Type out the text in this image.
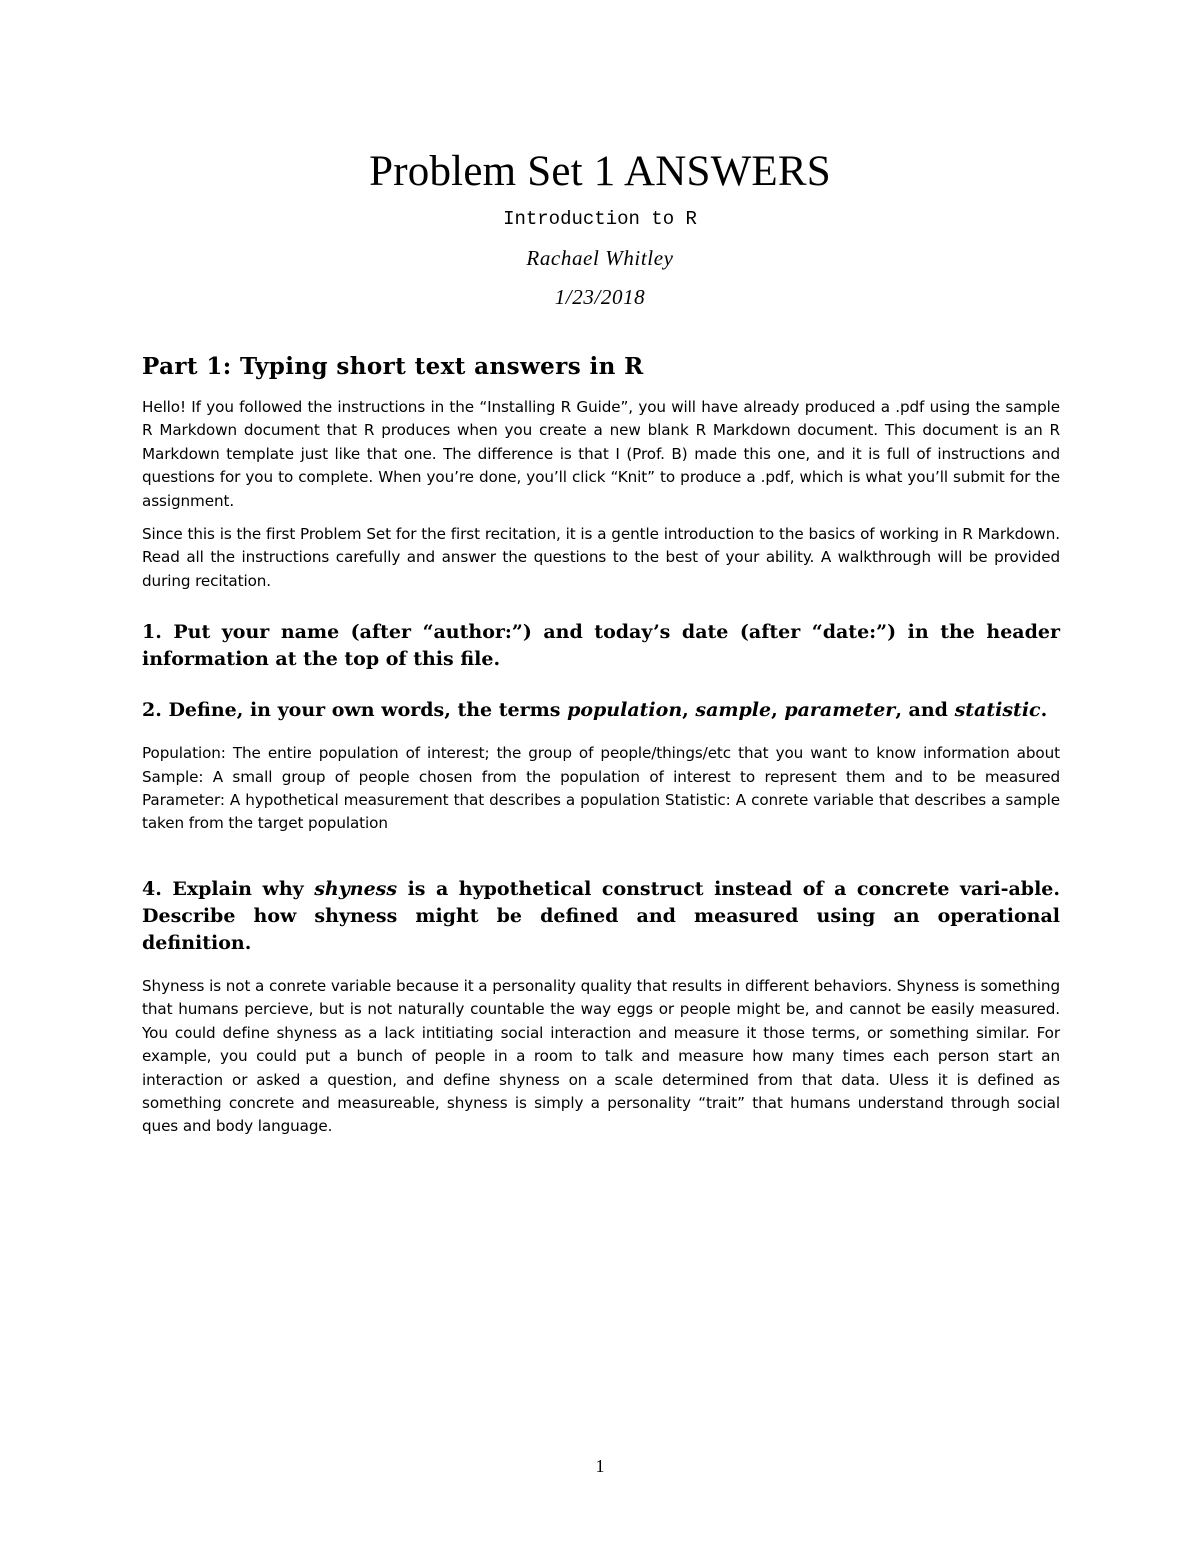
Problem Set 1 ANSWERS
Introduction to R
Rachael Whitley
1/23/2018
Part 1: Typing short text answers in R

Hello! If you followed the instructions in the “Installing R Guide”, you will have already produced a .pdf using the sample R Markdown document that R produces when you create a new blank R Markdown document. This document is an R Markdown template just like that one. The difference is that I (Prof. B) made this one, and it is full of instructions and questions for you to complete. When you’re done, you’ll click “Knit” to produce a .pdf, which is what you’ll submit for the assignment.

Since this is the first Problem Set for the first recitation, it is a gentle introduction to the basics of working in R Markdown. Read all the instructions carefully and answer the questions to the best of your ability. A walkthrough will be provided during recitation.

1. Put your name (after “author:”) and today’s date (after “date:”) in the header information at the top of this file.
2. Define, in your own words, the terms population, sample, parameter, and statistic.

Population: The entire population of interest; the group of people/things/etc that you want to know information about Sample: A small group of people chosen from the population of interest to represent them and to be measured Parameter: A hypothetical measurement that describes a population Statistic: A conrete variable that describes a sample taken from the target population

4. Explain why shyness is a hypothetical construct instead of a concrete vari-able. Describe how shyness might be defined and measured using an operational definition.

Shyness is not a conrete variable because it a personality quality that results in different behaviors. Shyness is something that humans percieve, but is not naturally countable the way eggs or people might be, and cannot be easily measured. You could define shyness as a lack intitiating social interaction and measure it those terms, or something similar. For example, you could put a bunch of people in a room to talk and measure how many times each person start an interaction or asked a question, and define shyness on a scale determined from that data. Uless it is defined as something concrete and measureable, shyness is simply a personality “trait” that humans understand through social ques and body language.

1
